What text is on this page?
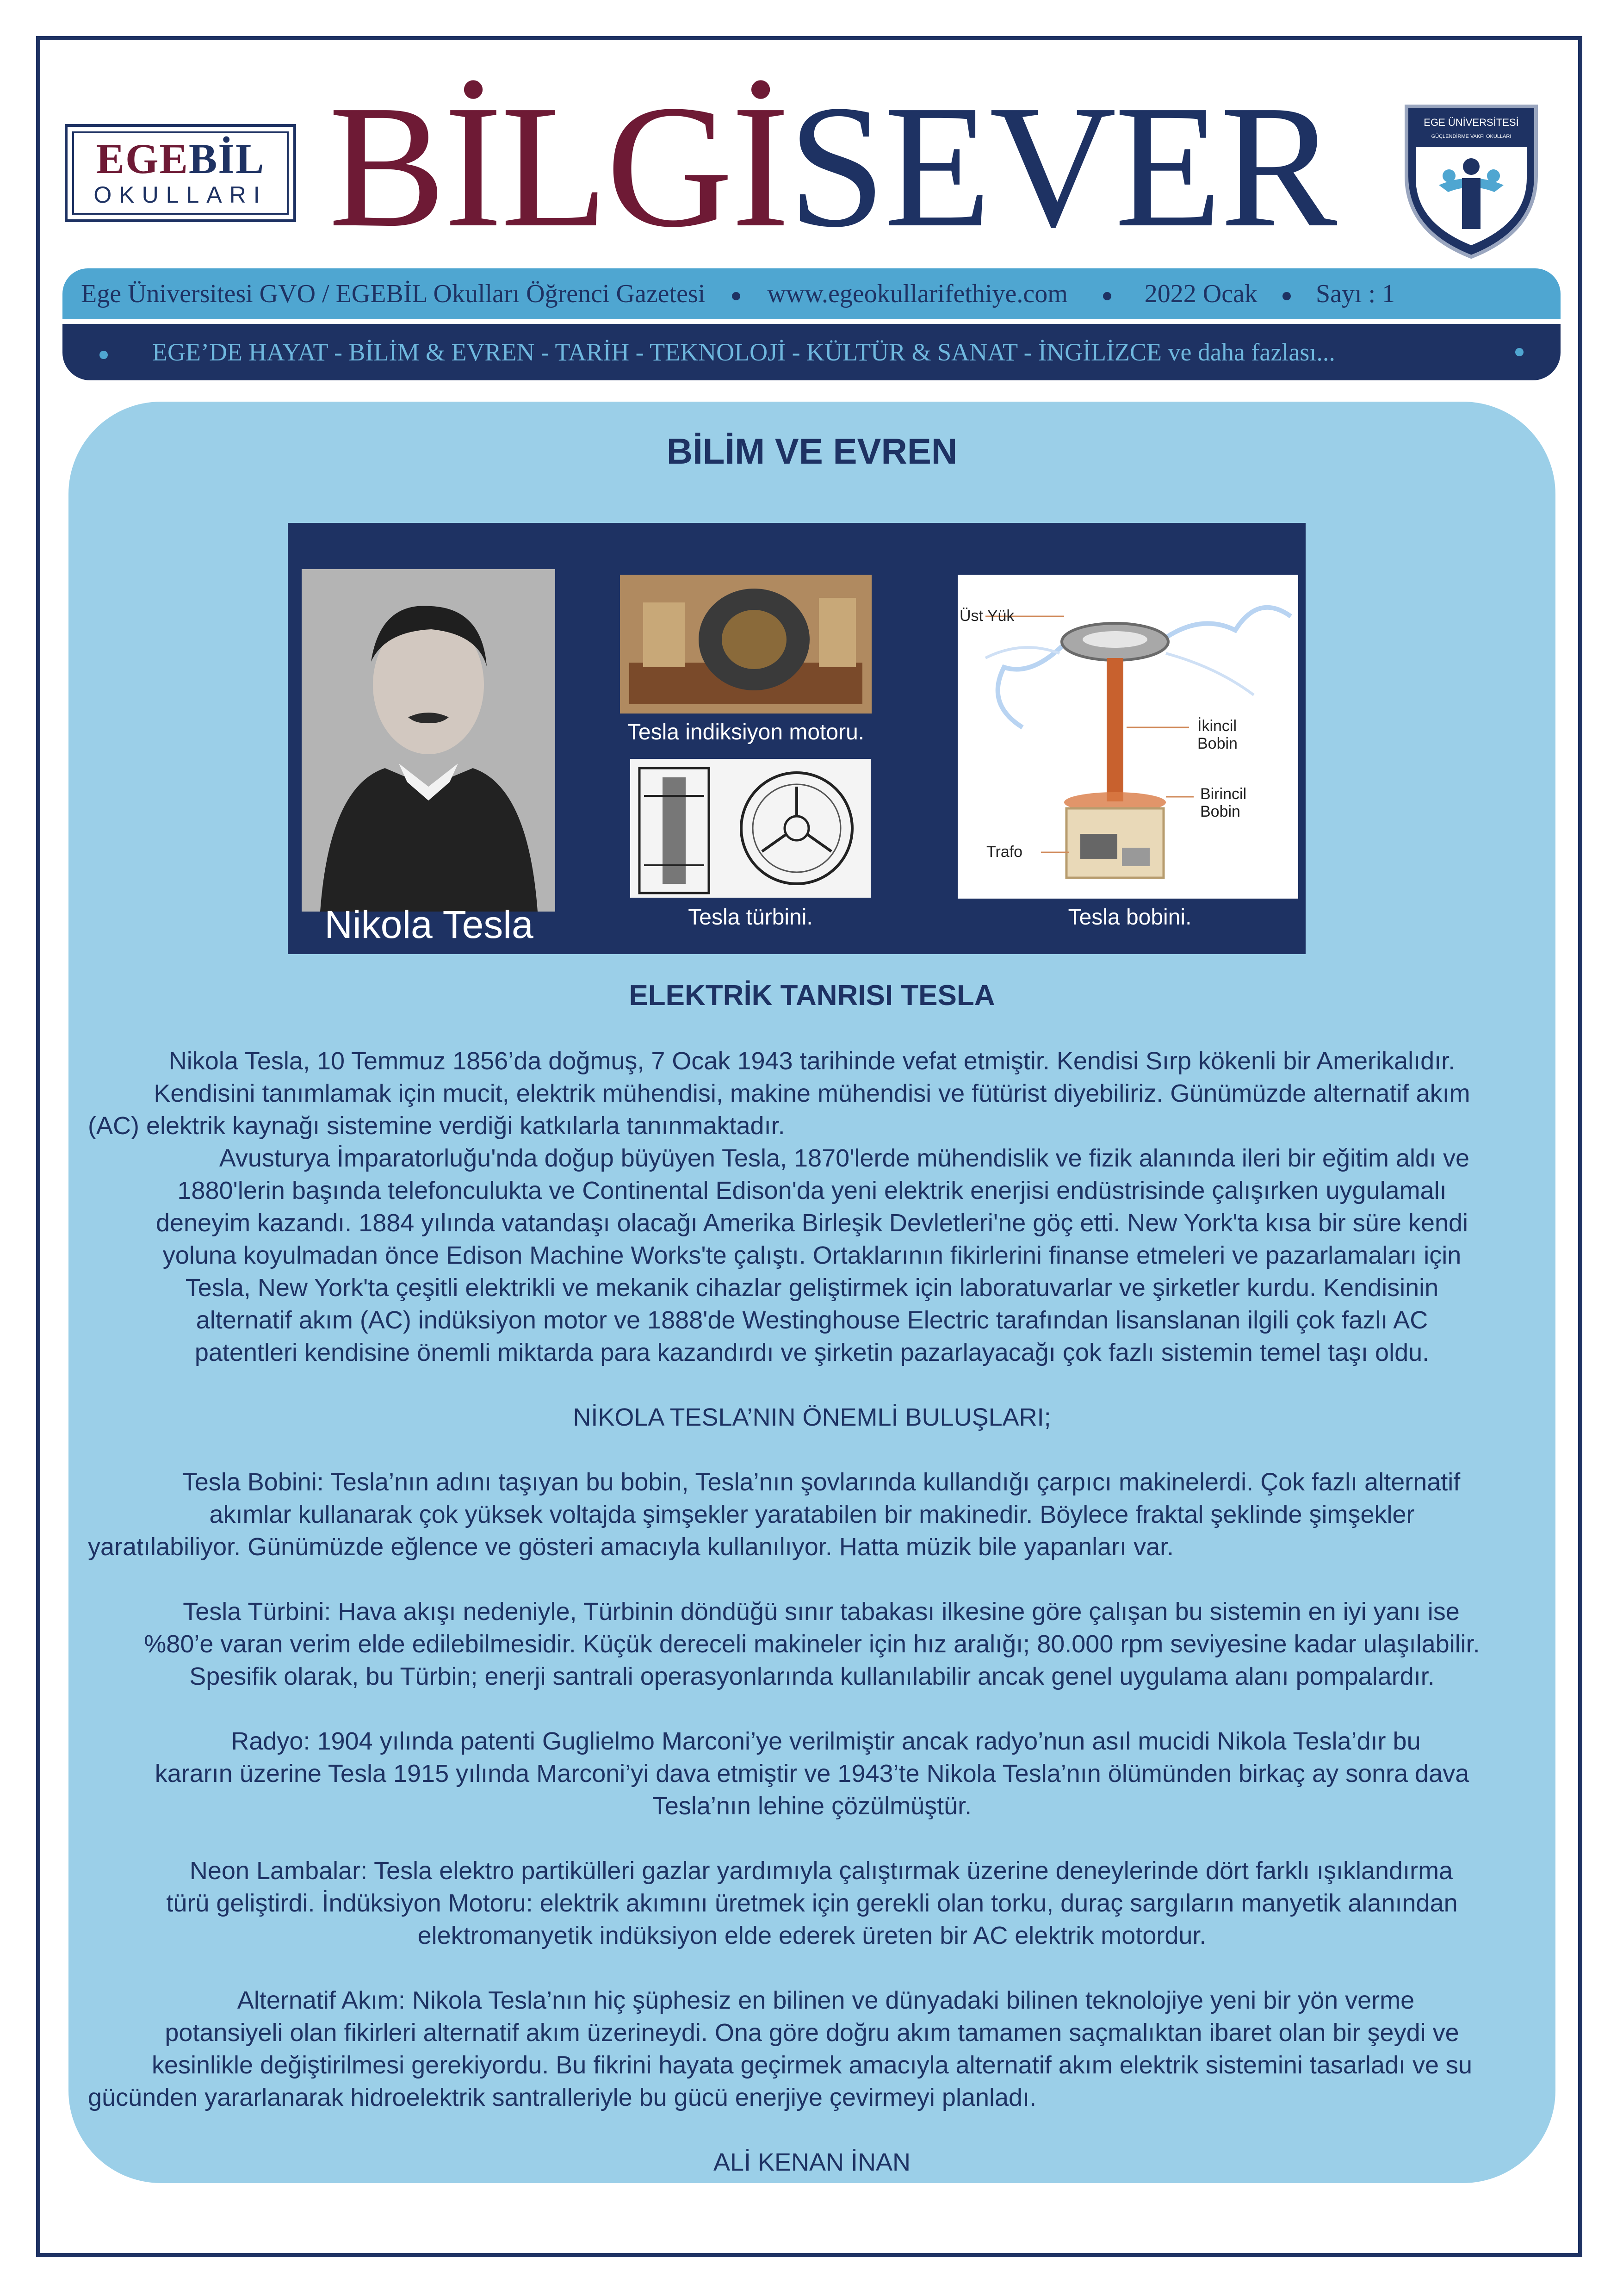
EGEBİL
OKULLARI BİLGİSEVER	EGE ÜNİVERSİTESİ
GÜÇLENDİRME VAKFI OKULLARI
Ege Üniversitesi GVO / EGEBİL Okulları Öğrenci Gazetesi www.egeokullarifethiye.com	2022 Ocak Sayı : 1
EGE’DE HAYAT - BİLİM & EVREN - TARİH - TEKNOLOJİ - KÜLTÜR & SANAT - İNGİLİZCE ve daha fazlası...
BİLİM VE EVREN
Nikola Tesla
Tesla indiksiyon motoru.
Tesla türbini.
Üst Yük
İkincil
Bobin
Birincil
Bobin
Trafo
Tesla bobini.
ELEKTRİK TANRISI TESLA

Nikola Tesla, 10 Temmuz 1856’da doğmuş, 7 Ocak 1943 tarihinde vefat etmiştir. Kendisi Sırp kökenli bir Amerikalıdır.

Kendisini tanımlamak için mucit, elektrik mühendisi, makine mühendisi ve fütürist diyebiliriz. Günümüzde alternatif akım

(AC) elektrik kaynağı sistemine verdiği katkılarla tanınmaktadır.

Avusturya İmparatorluğu'nda doğup büyüyen Tesla, 1870'lerde mühendislik ve fizik alanında ileri bir eğitim aldı ve

1880'lerin başında telefonculukta ve Continental Edison'da yeni elektrik enerjisi endüstrisinde çalışırken uygulamalı

deneyim kazandı. 1884 yılında vatandaşı olacağı Amerika Birleşik Devletleri'ne göç etti. New York'ta kısa bir süre kendi

yoluna koyulmadan önce Edison Machine Works'te çalıştı. Ortaklarının fikirlerini finanse etmeleri ve pazarlamaları için

Tesla, New York'ta çeşitli elektrikli ve mekanik cihazlar geliştirmek için laboratuvarlar ve şirketler kurdu. Kendisinin

alternatif akım (AC) indüksiyon motor ve 1888'de Westinghouse Electric tarafından lisanslanan ilgili çok fazlı AC

patentleri kendisine önemli miktarda para kazandırdı ve şirketin pazarlayacağı çok fazlı sistemin temel taşı oldu.

NİKOLA TESLA’NIN ÖNEMLİ BULUŞLARI;

Tesla Bobini: Tesla’nın adını taşıyan bu bobin, Tesla’nın şovlarında kullandığı çarpıcı makinelerdi. Çok fazlı alternatif

akımlar kullanarak çok yüksek voltajda şimşekler yaratabilen bir makinedir. Böylece fraktal şeklinde şimşekler

yaratılabiliyor. Günümüzde eğlence ve gösteri amacıyla kullanılıyor. Hatta müzik bile yapanları var.

Tesla Türbini: Hava akışı nedeniyle, Türbinin döndüğü sınır tabakası ilkesine göre çalışan bu sistemin en iyi yanı ise

%80’e varan verim elde edilebilmesidir. Küçük dereceli makineler için hız aralığı; 80.000 rpm seviyesine kadar ulaşılabilir.

Spesifik olarak, bu Türbin; enerji santrali operasyonlarında kullanılabilir ancak genel uygulama alanı pompalardır.

Radyo: 1904 yılında patenti Guglielmo Marconi’ye verilmiştir ancak radyo’nun asıl mucidi Nikola Tesla’dır bu

kararın üzerine Tesla 1915 yılında Marconi’yi dava etmiştir ve 1943’te Nikola Tesla’nın ölümünden birkaç ay sonra dava

Tesla’nın lehine çözülmüştür.

Neon Lambalar: Tesla elektro partikülleri gazlar yardımıyla çalıştırmak üzerine deneylerinde dört farklı ışıklandırma

türü geliştirdi. İndüksiyon Motoru: elektrik akımını üretmek için gerekli olan torku, duraç sargıların manyetik alanından

elektromanyetik indüksiyon elde ederek üreten bir AC elektrik motordur.

Alternatif Akım: Nikola Tesla’nın hiç şüphesiz en bilinen ve dünyadaki bilinen teknolojiye yeni bir yön verme

potansiyeli olan fikirleri alternatif akım üzerineydi. Ona göre doğru akım tamamen saçmalıktan ibaret olan bir şeydi ve

kesinlikle değiştirilmesi gerekiyordu. Bu fikrini hayata geçirmek amacıyla alternatif akım elektrik sistemini tasarladı ve su

gücünden yararlanarak hidroelektrik santralleriyle bu gücü enerjiye çevirmeyi planladı.

ALİ KENAN İNAN
